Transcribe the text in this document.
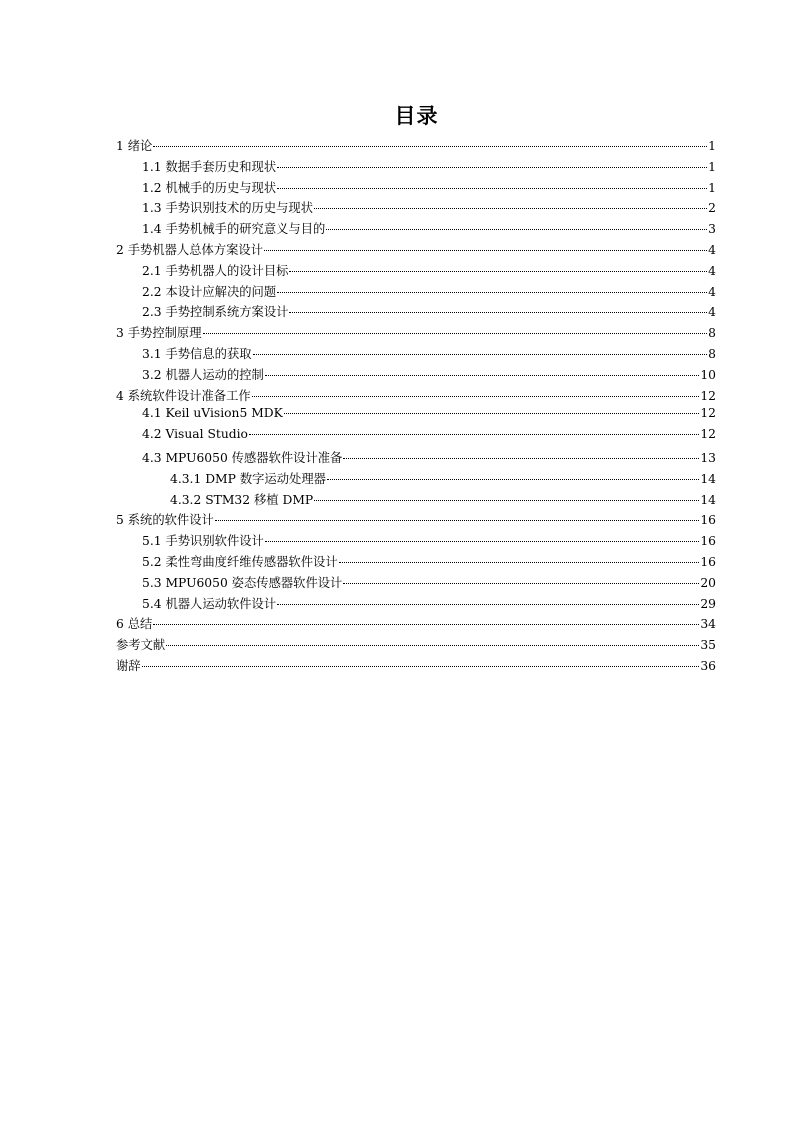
目录
1 绪论	1
1.1 数据手套历史和现状	1
1.2 机械手的历史与现状	1
1.3 手势识别技术的历史与现状	2
1.4 手势机械手的研究意义与目的	3
2 手势机器人总体方案设计	4
2.1 手势机器人的设计目标	4
2.2 本设计应解决的问题	4
2.3 手势控制系统方案设计	4
3 手势控制原理	8
3.1 手势信息的获取	8
3.2 机器人运动的控制	10
4 系统软件设计准备工作	12
4.1 Keil uVision5 MDK	12
4.2 Visual Studio	12
4.3 MPU6050 传感器软件设计准备	13
4.3.1 DMP 数字运动处理器	14
4.3.2 STM32 移植 DMP	14
5 系统的软件设计	16
5.1 手势识别软件设计	16
5.2 柔性弯曲度纤维传感器软件设计	16
5.3 MPU6050 姿态传感器软件设计	20
5.4 机器人运动软件设计	29
6 总结	34
参考文献	35
谢辞	36
